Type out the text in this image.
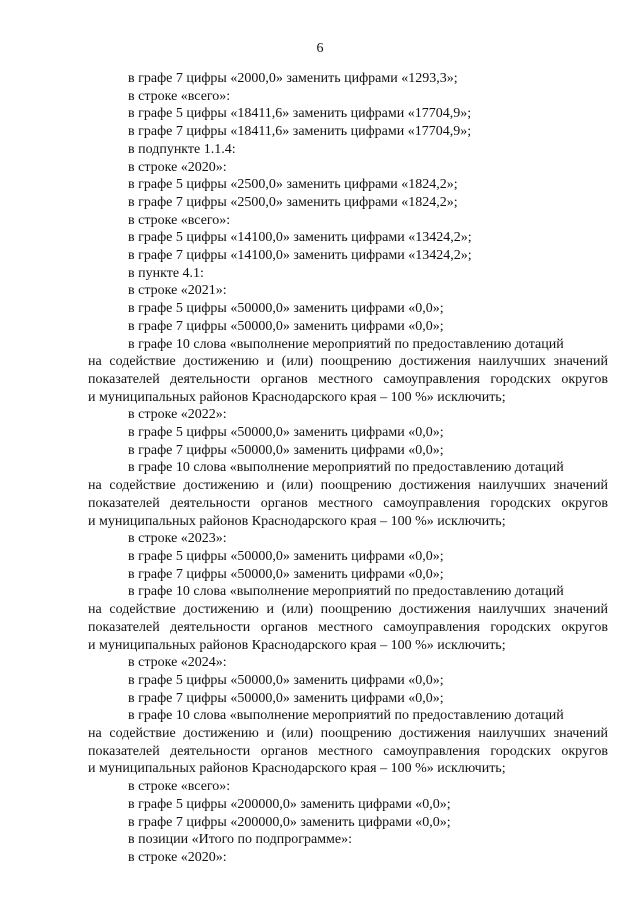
6
в графе 7 цифры «2000,0» заменить цифрами «1293,3»;
в строке «всего»:
в графе 5 цифры «18411,6» заменить цифрами «17704,9»;
в графе 7 цифры «18411,6» заменить цифрами «17704,9»;
в подпункте 1.1.4:
в строке «2020»:
в графе 5 цифры «2500,0» заменить цифрами «1824,2»;
в графе 7 цифры «2500,0» заменить цифрами «1824,2»;
в строке «всего»:
в графе 5 цифры «14100,0» заменить цифрами «13424,2»;
в графе 7 цифры «14100,0» заменить цифрами «13424,2»;
в пункте 4.1:
в строке «2021»:
в графе 5 цифры «50000,0» заменить цифрами «0,0»;
в графе 7 цифры «50000,0» заменить цифрами «0,0»;
в графе 10 слова «выполнение мероприятий по предоставлению дотаций
на содействие достижению и (или) поощрению достижения наилучших значений
показателей деятельности органов местного самоуправления городских округов
и муниципальных районов Краснодарского края – 100 %» исключить;
в строке «2022»:
в графе 5 цифры «50000,0» заменить цифрами «0,0»;
в графе 7 цифры «50000,0» заменить цифрами «0,0»;
в графе 10 слова «выполнение мероприятий по предоставлению дотаций
на содействие достижению и (или) поощрению достижения наилучших значений
показателей деятельности органов местного самоуправления городских округов
и муниципальных районов Краснодарского края – 100 %» исключить;
в строке «2023»:
в графе 5 цифры «50000,0» заменить цифрами «0,0»;
в графе 7 цифры «50000,0» заменить цифрами «0,0»;
в графе 10 слова «выполнение мероприятий по предоставлению дотаций
на содействие достижению и (или) поощрению достижения наилучших значений
показателей деятельности органов местного самоуправления городских округов
и муниципальных районов Краснодарского края – 100 %» исключить;
в строке «2024»:
в графе 5 цифры «50000,0» заменить цифрами «0,0»;
в графе 7 цифры «50000,0» заменить цифрами «0,0»;
в графе 10 слова «выполнение мероприятий по предоставлению дотаций
на содействие достижению и (или) поощрению достижения наилучших значений
показателей деятельности органов местного самоуправления городских округов
и муниципальных районов Краснодарского края – 100 %» исключить;
в строке «всего»:
в графе 5 цифры «200000,0» заменить цифрами «0,0»;
в графе 7 цифры «200000,0» заменить цифрами «0,0»;
в позиции «Итого по подпрограмме»:
в строке «2020»:
